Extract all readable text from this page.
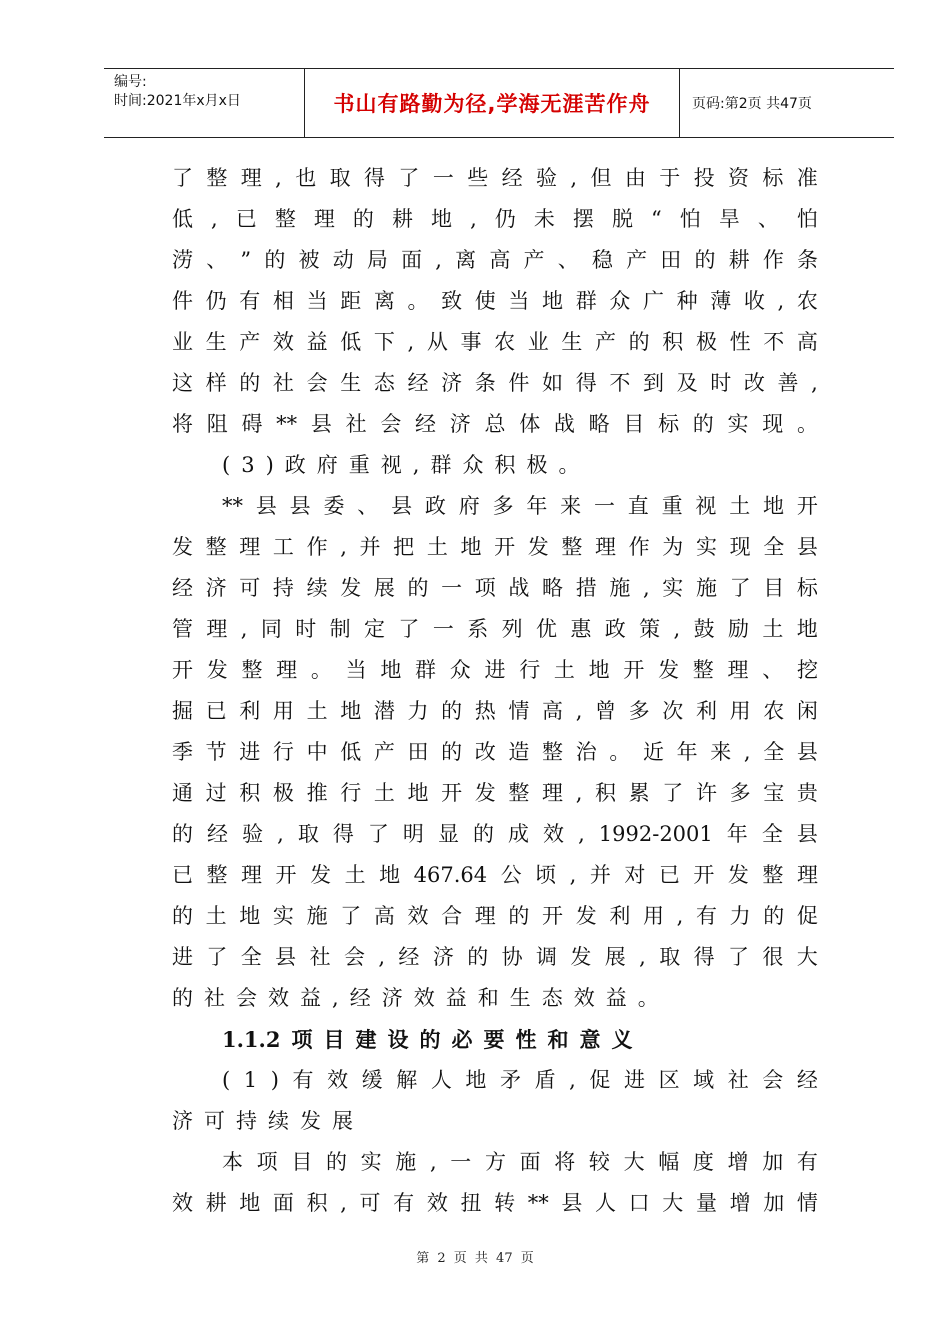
编号:
时间:2021年x月x日	书山有路勤为径,学海无涯苦作舟	页码:第2页 共47页
了 整 理 , 也 取 得 了 一 些 经 验 , 但 由 于 投 资 标 准
低 , 已 整 理 的 耕 地 , 仍 未 摆 脱 “ 怕 旱 、 怕
涝 、 ” 的 被 动 局 面 , 离 高 产 、 稳 产 田 的 耕 作 条
件 仍 有 相 当 距 离 。 致 使 当 地 群 众 广 种 薄 收 , 农
业 生 产 效 益 低 下 , 从 事 农 业 生 产 的 积 极 性 不 高
这 样 的 社 会 生 态 经 济 条 件 如 得 不 到 及 时 改 善 ,
将 阻 碍 ** 县 社 会 经 济 总 体 战 略 目 标 的 实 现 。
( 3 ) 政 府 重 视 , 群 众 积 极 。
** 县 县 委 、 县 政 府 多 年 来 一 直 重 视 土 地 开
发 整 理 工 作 , 并 把 土 地 开 发 整 理 作 为 实 现 全 县
经 济 可 持 续 发 展 的 一 项 战 略 措 施 , 实 施 了 目 标
管 理 , 同 时 制 定 了 一 系 列 优 惠 政 策 , 鼓 励 土 地
开 发 整 理 。 当 地 群 众 进 行 土 地 开 发 整 理 、 挖
掘 已 利 用 土 地 潜 力 的 热 情 高 , 曾 多 次 利 用 农 闲
季 节 进 行 中 低 产 田 的 改 造 整 治 。 近 年 来 , 全 县
通 过 积 极 推 行 土 地 开 发 整 理 , 积 累 了 许 多 宝 贵
的 经 验 , 取 得 了 明 显 的 成 效 , 1992-2001 年 全 县
已 整 理 开 发 土 地 467.64 公 顷 , 并 对 已 开 发 整 理
的 土 地 实 施 了 高 效 合 理 的 开 发 利 用 , 有 力 的 促
进 了 全 县 社 会 , 经 济 的 协 调 发 展 , 取 得 了 很 大
的 社 会 效 益 , 经 济 效 益 和 生 态 效 益 。
1.1.2 项 目 建 设 的 必 要 性 和 意 义
( 1 ) 有 效 缓 解 人 地 矛 盾 , 促 进 区 域 社 会 经
济 可 持 续 发 展
本 项 目 的 实 施 , 一 方 面 将 较 大 幅 度 增 加 有
效 耕 地 面 积 , 可 有 效 扭 转 ** 县 人 口 大 量 增 加 情
第 2 页 共 47 页
